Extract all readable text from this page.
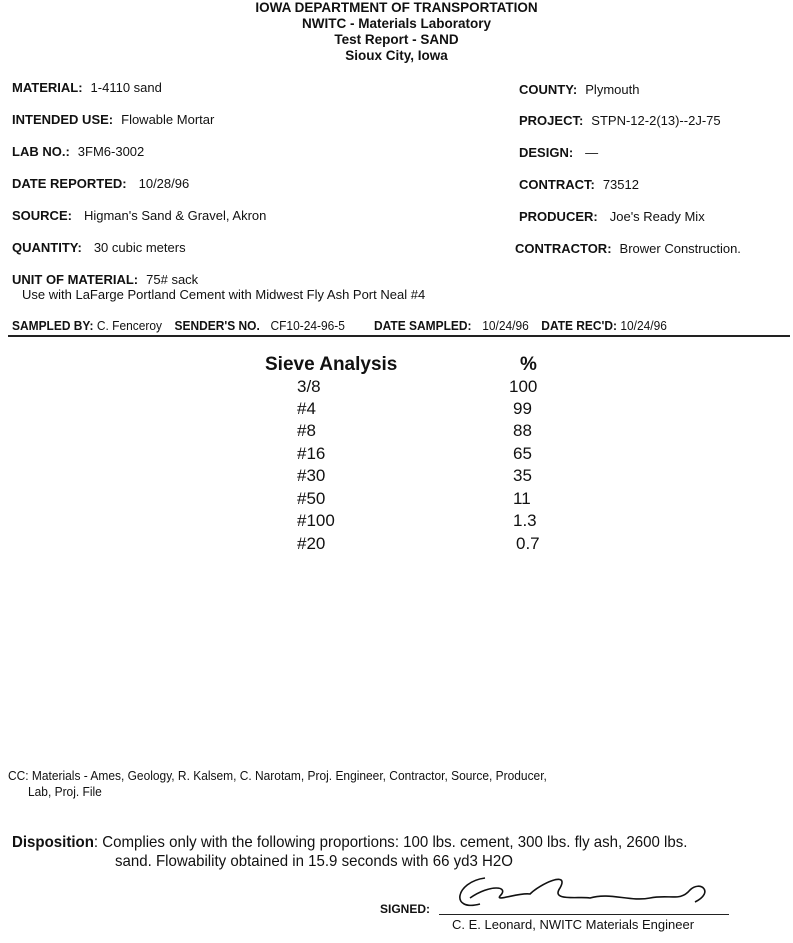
IOWA DEPARTMENT OF TRANSPORTATION
NWITC - Materials Laboratory
Test Report - SAND
Sioux City, Iowa
MATERIAL: 1-4110 sand
INTENDED USE: Flowable Mortar
LAB NO.: 3FM6-3002
DATE REPORTED: 10/28/96
SOURCE: Higman's Sand & Gravel, Akron
QUANTITY: 30 cubic meters
UNIT OF MATERIAL: 75# sack
Use with LaFarge Portland Cement with Midwest Fly Ash Port Neal #4
COUNTY: Plymouth
PROJECT: STPN-12-2(13)--2J-75
DESIGN: —
CONTRACT: 73512
PRODUCER: Joe's Ready Mix
CONTRACTOR: Brower Construction.
SAMPLED BY: C. Fenceroy SENDER'S NO. CF10-24-96-5 DATE SAMPLED: 10/24/96 DATE REC'D: 10/24/96
Sieve Analysis	%
3/8	100
#4	99
#8	88
#16	65
#30	35
#50	11
#100	1.3
#20	0.7
CC: Materials - Ames, Geology, R. Kalsem, C. Narotam, Proj. Engineer, Contractor, Source, Producer,
Lab, Proj. File
Disposition: Complies only with the following proportions: 100 lbs. cement, 300 lbs. fly ash, 2600 lbs.
sand. Flowability obtained in 15.9 seconds with 66 yd3 H2O
SIGNED:
C. E. Leonard, NWITC Materials Engineer
